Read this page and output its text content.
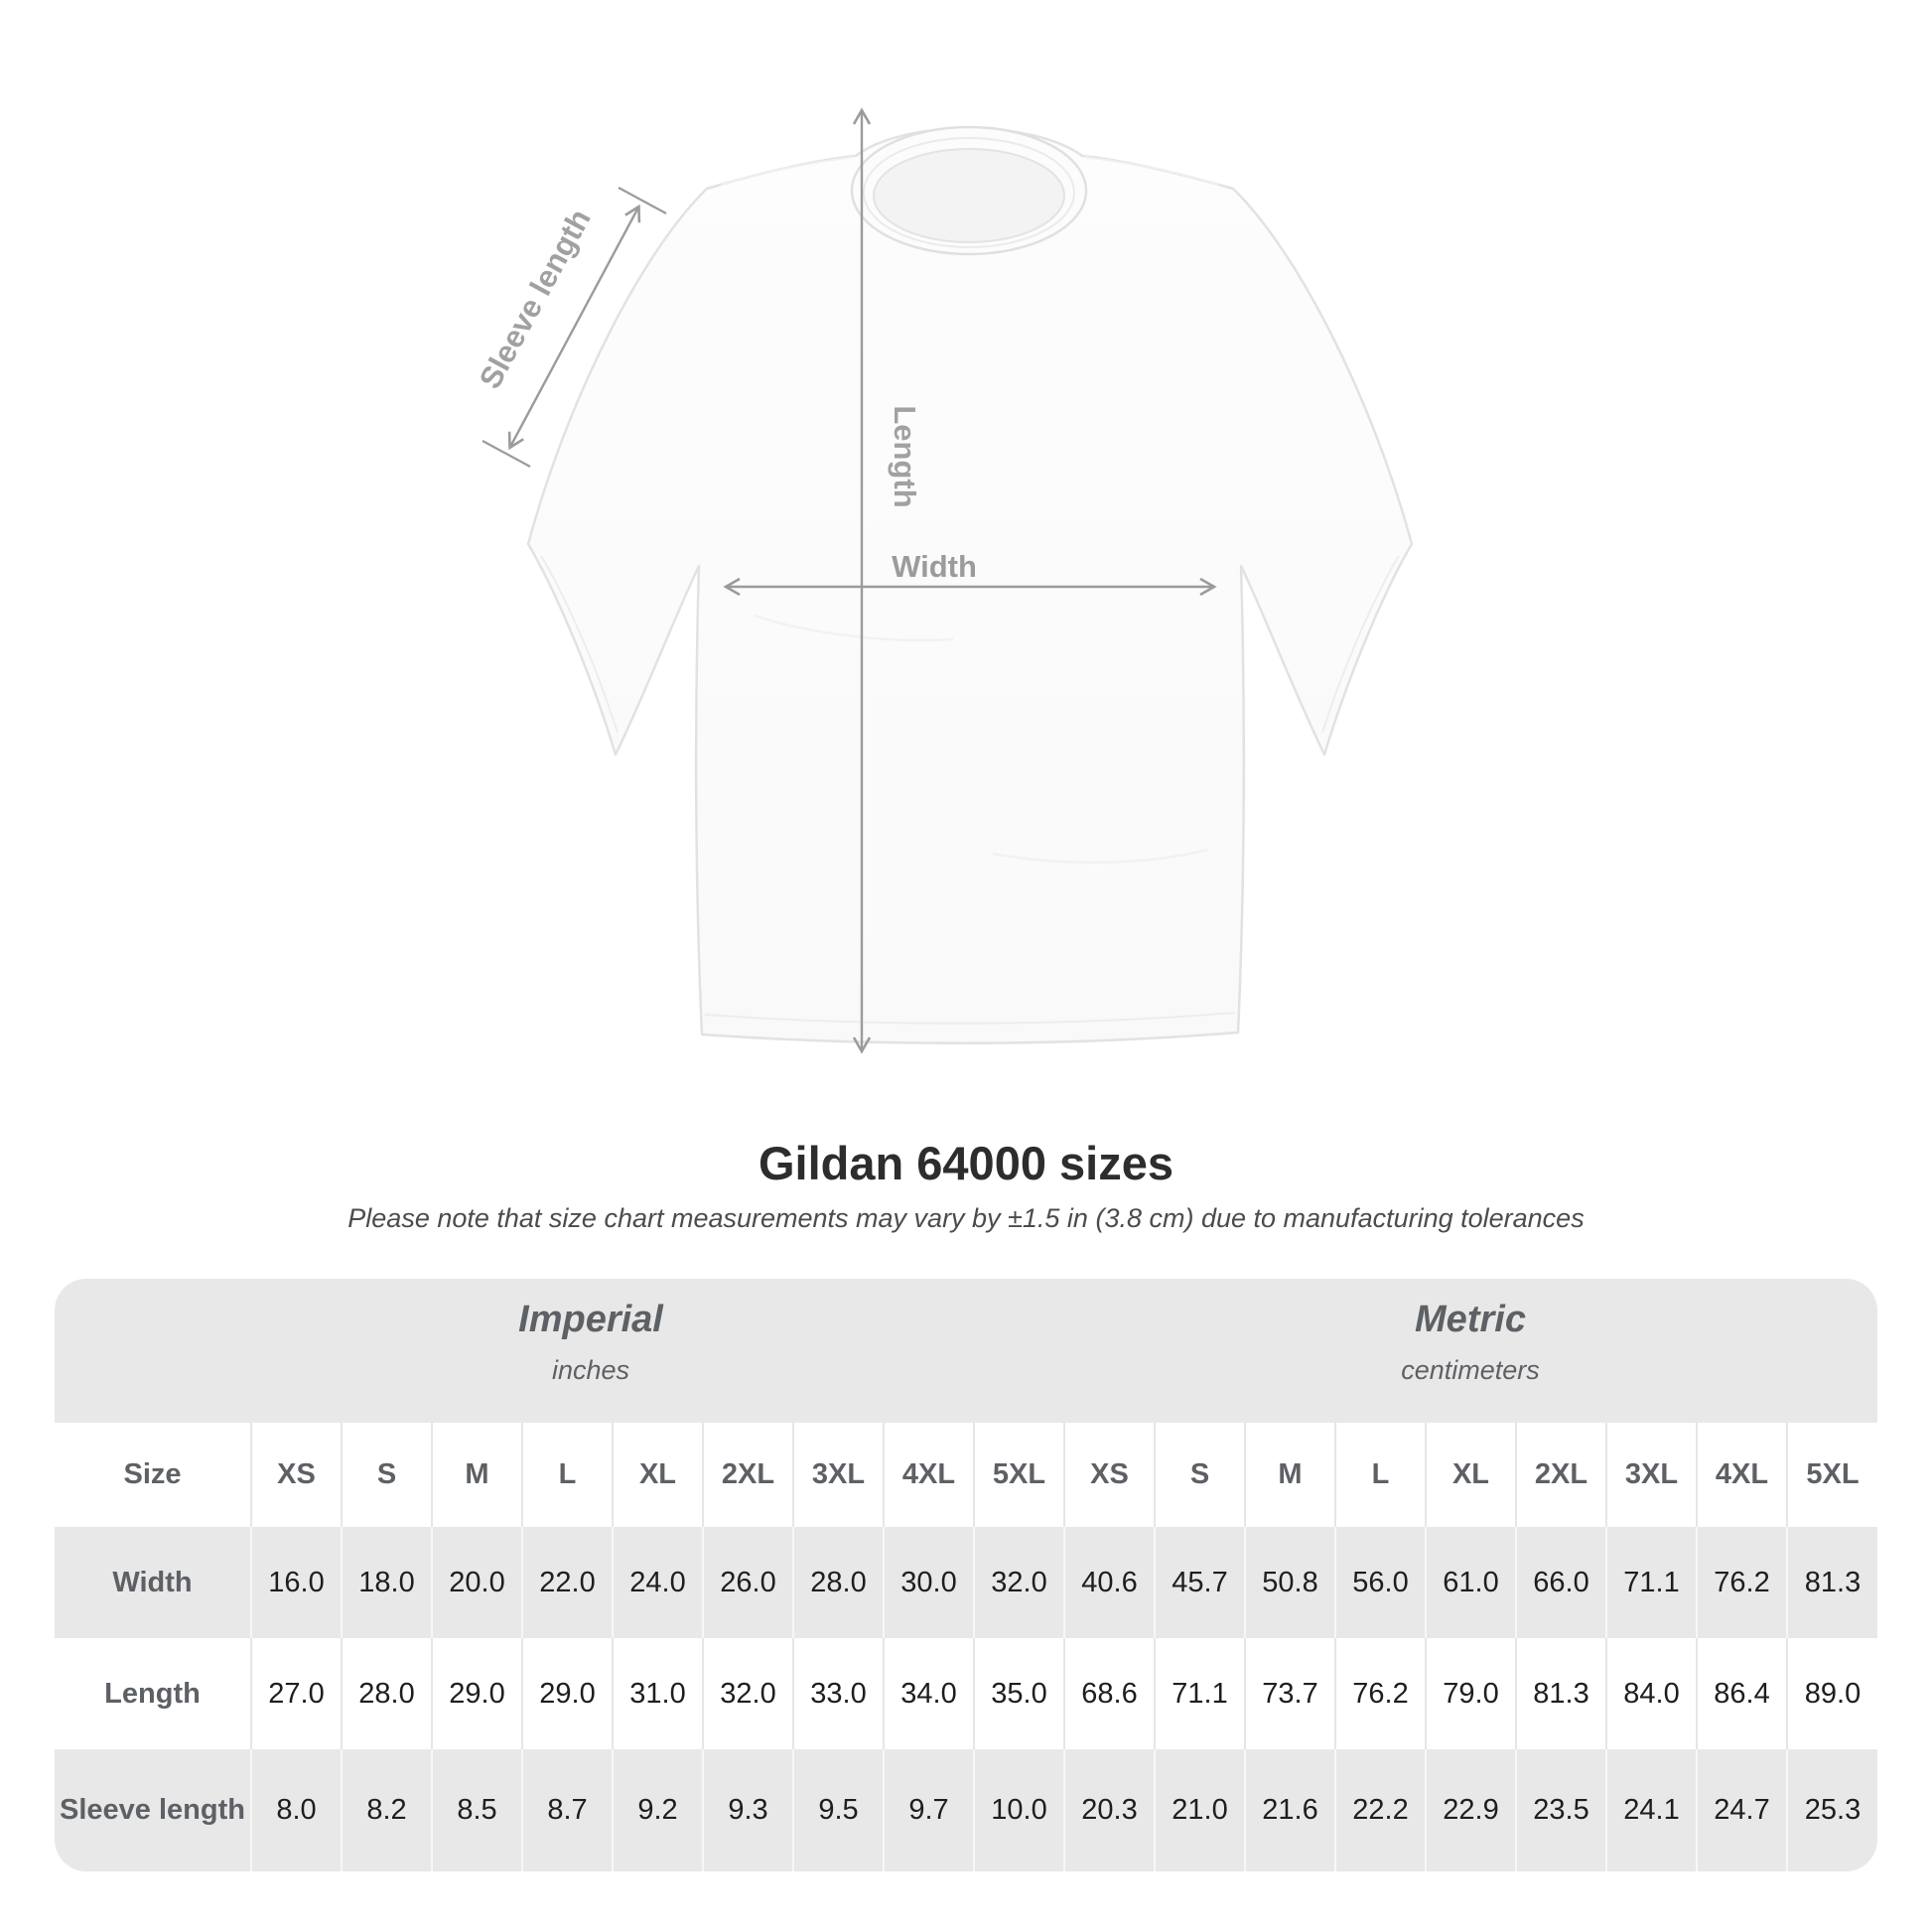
Sleeve length
Length
Width
Gildan 64000 sizes
Please note that size chart measurements may vary by ±1.5 in (3.8 cm) due to manufacturing tolerances
Imperial
inches
Metric
centimeters
Size	XS	S	M	L	XL	2XL	3XL	4XL	5XL	XS	S	M	L	XL	2XL	3XL	4XL	5XL
Width	16.0	18.0	20.0	22.0	24.0	26.0	28.0	30.0	32.0	40.6	45.7	50.8	56.0	61.0	66.0	71.1	76.2	81.3
Length	27.0	28.0	29.0	29.0	31.0	32.0	33.0	34.0	35.0	68.6	71.1	73.7	76.2	79.0	81.3	84.0	86.4	89.0
Sleeve length	8.0	8.2	8.5	8.7	9.2	9.3	9.5	9.7	10.0	20.3	21.0	21.6	22.2	22.9	23.5	24.1	24.7	25.3
